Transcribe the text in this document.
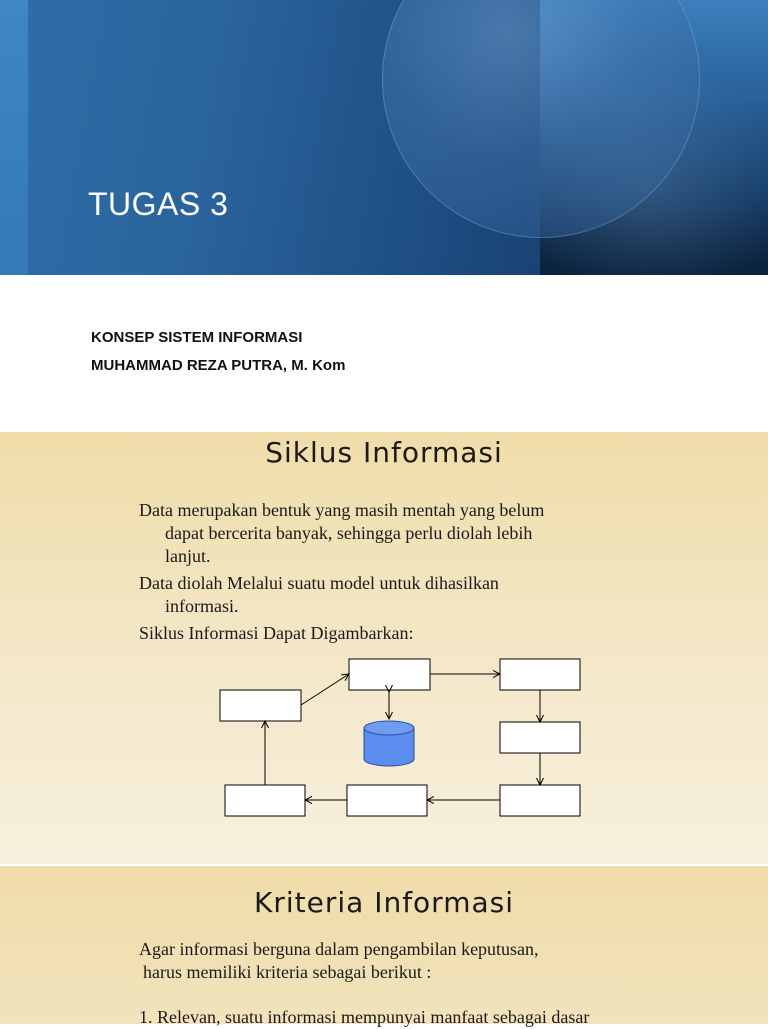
TUGAS 3
KONSEP SISTEM INFORMASI
MUHAMMAD REZA PUTRA, M. Kom
Siklus Informasi
Data merupakan bentuk yang masih mentah yang belum
dapat bercerita banyak, sehingga perlu diolah lebih
lanjut.
Data diolah Melalui suatu model untuk dihasilkan
informasi.
Siklus Informasi Dapat Digambarkan:
Kriteria Informasi
Agar informasi berguna dalam pengambilan keputusan,
harus memiliki kriteria sebagai berikut :
1. Relevan, suatu informasi mempunyai manfaat sebagai dasar
